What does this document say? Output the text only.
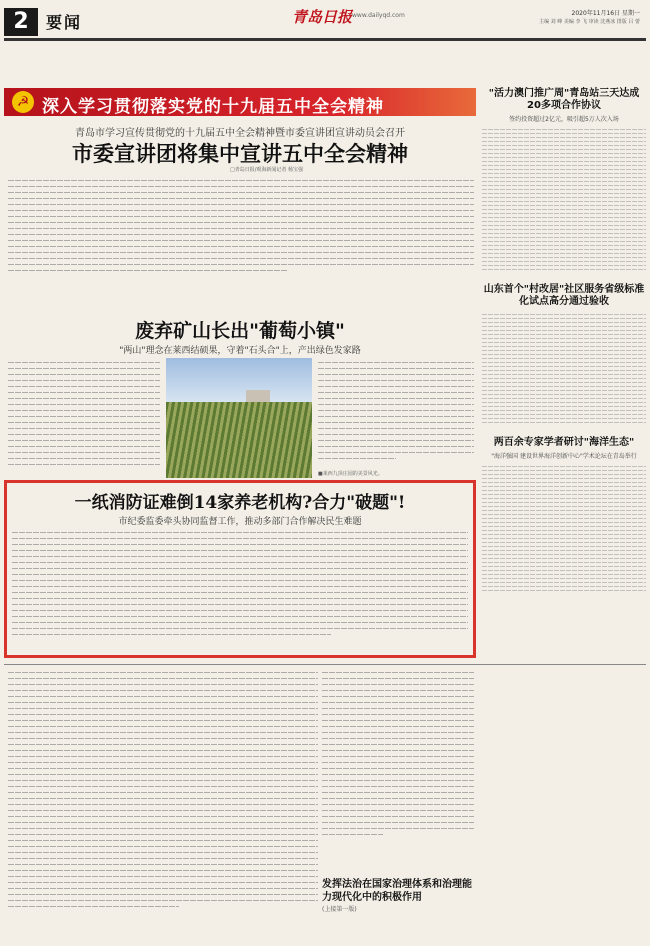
2	要闻	青岛日报 www.dailyqd.com	2020年11月16日 星期一
主编 刘 峰 美编 李 飞 审读 沈燕冰 排版 吕 蕾
☭ 深入学习贯彻落实党的十九届五中全会精神
青岛市学习宣传贯彻党的十九届五中全会精神暨市委宣讲团宣讲动员会召开
市委宣讲团将集中宣讲五中全会精神
□青岛日报/观海新闻记者 杨宝强
废弃矿山长出"葡萄小镇"
"两山"理念在莱西结硕果，守着"石头合"上，产出绿色发家路
■莱西九顶庄园的美景风光。
一纸消防证难倒14家养老机构?合力"破题"!
市纪委监委牵头协同监督工作，推动多部门合作解决民生难题
发挥法治在国家治理体系和治理能力现代化中的积极作用
(上接第一版)
"活力澳门推广周"青岛站三天达成20多项合作协议
签约投资超过2亿元，吸引超5万人次入场
山东首个"村改居"社区服务省级标准化试点高分通过验收
两百余专家学者研讨"海洋生态"
"海洋强国 建设世界海洋创新中心"学术论坛在青岛举行
